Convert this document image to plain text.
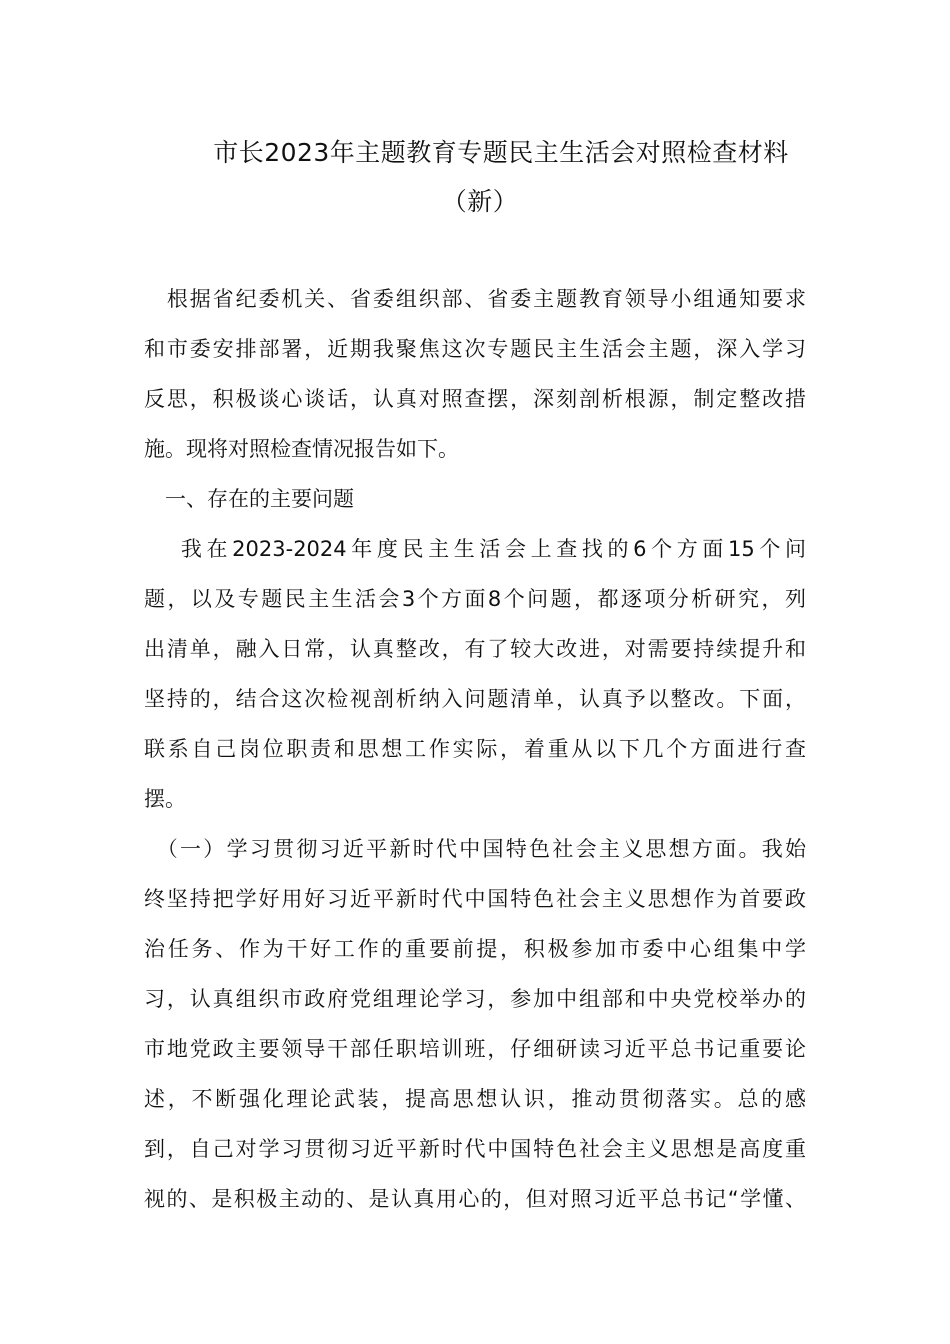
市长2023年主题教育专题民主生活会对照检查材料
（新）
　根据省纪委机关、省委组织部、省委主题教育领导小组通知要求
和市委安排部署，近期我聚焦这次专题民主生活会主题，深入学习
反思，积极谈心谈话，认真对照查摆，深刻剖析根源，制定整改措
施。现将对照检查情况报告如下。
　一、存在的主要问题
　 我在2023-2024年度民主生活会上查找的6个方面15个问
题，以及专题民主生活会3个方面8个问题，都逐项分析研究，列
出清单，融入日常，认真整改，有了较大改进，对需要持续提升和
坚持的，结合这次检视剖析纳入问题清单，认真予以整改。下面，
联系自己岗位职责和思想工作实际，着重从以下几个方面进行查
摆。
　（一）学习贯彻习近平新时代中国特色社会主义思想方面。我始
终坚持把学好用好习近平新时代中国特色社会主义思想作为首要政
治任务、作为干好工作的重要前提，积极参加市委中心组集中学
习，认真组织市政府党组理论学习，参加中组部和中央党校举办的
市地党政主要领导干部任职培训班，仔细研读习近平总书记重要论
述，不断强化理论武装，提高思想认识，推动贯彻落实。总的感
到，自己对学习贯彻习近平新时代中国特色社会主义思想是高度重
视的、是积极主动的、是认真用心的，但对照习近平总书记“学懂、
